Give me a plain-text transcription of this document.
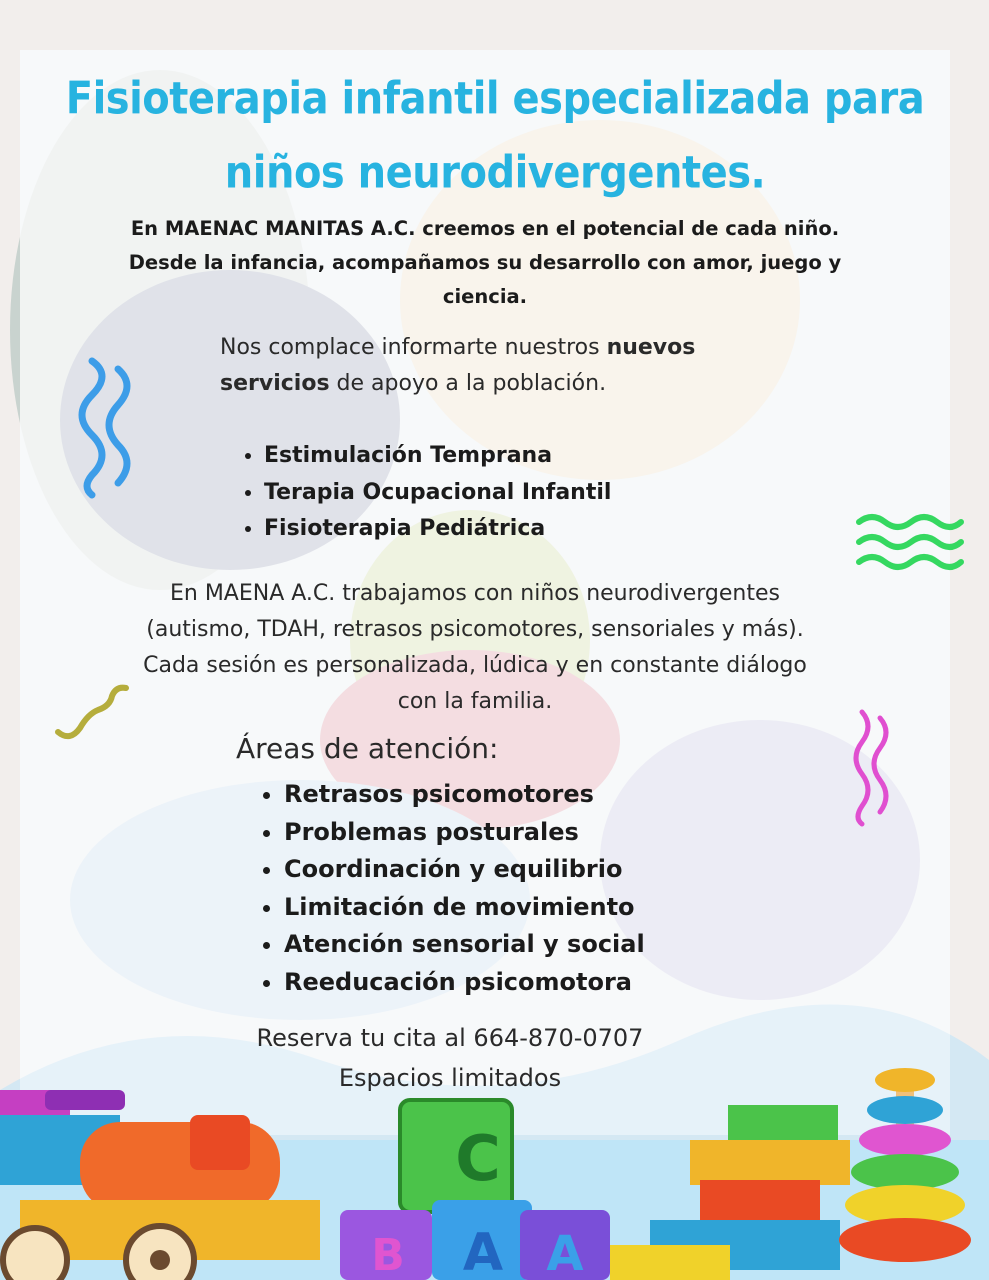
Fisioterapia infantil especializada para
niños neurodivergentes.
En MAENAC MANITAS A.C. creemos en el potencial de cada niño.
Desde la infancia, acompañamos su desarrollo con amor, juego y
ciencia.
Nos complace informarte nuestros nuevos
servicios de apoyo a la población.
• Estimulación Temprana
• Terapia Ocupacional Infantil
• Fisioterapia Pediátrica
En MAENA A.C. trabajamos con niños neurodivergentes
(autismo, TDAH, retrasos psicomotores, sensoriales y más).
Cada sesión es personalizada, lúdica y en constante diálogo
con la familia.
Áreas de atención:
• Retrasos psicomotores
• Problemas posturales
• Coordinación y equilibrio
• Limitación de movimiento
• Atención sensorial y social
• Reeducación psicomotora
Reserva tu cita al 664-870-0707
Espacios limitados
C
B A A
